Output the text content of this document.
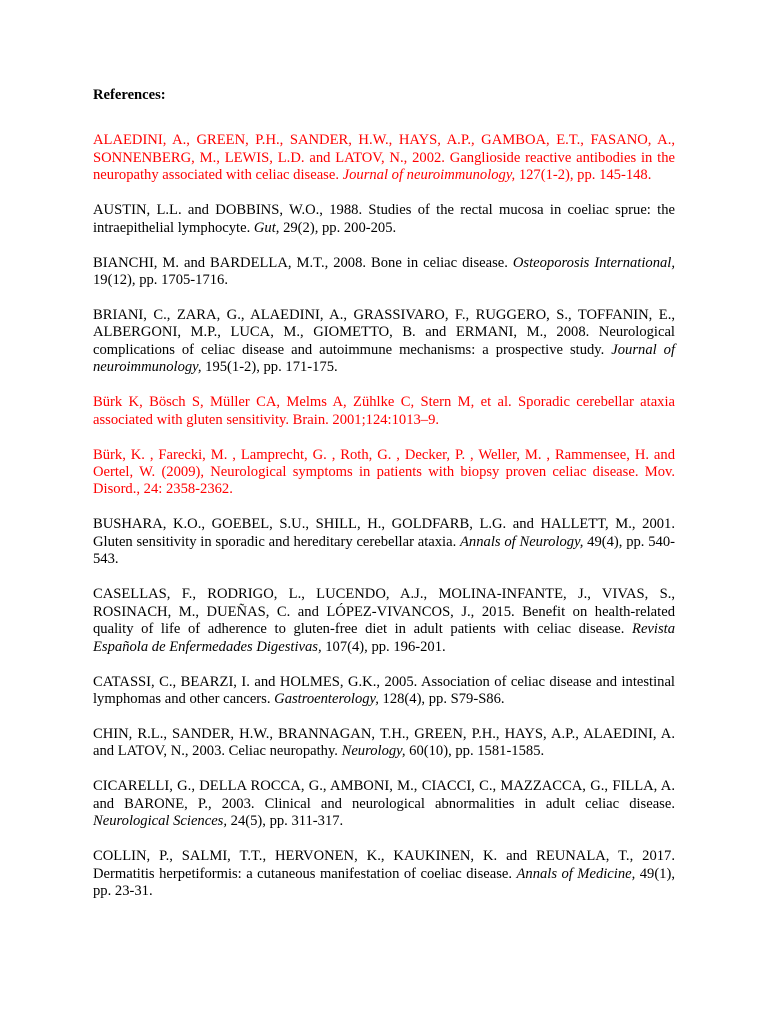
References:
ALAEDINI, A., GREEN, P.H., SANDER, H.W., HAYS, A.P., GAMBOA, E.T., FASANO, A., SONNENBERG, M., LEWIS, L.D. and LATOV, N., 2002. Ganglioside reactive antibodies in the neuropathy associated with celiac disease. Journal of neuroimmunology, 127(1-2), pp. 145-148.
AUSTIN, L.L. and DOBBINS, W.O., 1988. Studies of the rectal mucosa in coeliac sprue: the intraepithelial lymphocyte. Gut, 29(2), pp. 200-205.
BIANCHI, M. and BARDELLA, M.T., 2008. Bone in celiac disease. Osteoporosis International, 19(12), pp. 1705-1716.
BRIANI, C., ZARA, G., ALAEDINI, A., GRASSIVARO, F., RUGGERO, S., TOFFANIN, E., ALBERGONI, M.P., LUCA, M., GIOMETTO, B. and ERMANI, M., 2008. Neurological complications of celiac disease and autoimmune mechanisms: a prospective study. Journal of neuroimmunology, 195(1-2), pp. 171-175.
Bürk K, Bösch S, Müller CA, Melms A, Zühlke C, Stern M, et al. Sporadic cerebellar ataxia associated with gluten sensitivity. Brain. 2001;124:1013–9.
Bürk, K. , Farecki, M. , Lamprecht, G. , Roth, G. , Decker, P. , Weller, M. , Rammensee, H. and Oertel, W. (2009), Neurological symptoms in patients with biopsy proven celiac disease. Mov. Disord., 24: 2358-2362.
BUSHARA, K.O., GOEBEL, S.U., SHILL, H., GOLDFARB, L.G. and HALLETT, M., 2001. Gluten sensitivity in sporadic and hereditary cerebellar ataxia. Annals of Neurology, 49(4), pp. 540-543.
CASELLAS, F., RODRIGO, L., LUCENDO, A.J., MOLINA-INFANTE, J., VIVAS, S., ROSINACH, M., DUEÑAS, C. and LÓPEZ-VIVANCOS, J., 2015. Benefit on health-related quality of life of adherence to gluten-free diet in adult patients with celiac disease. Revista Española de Enfermedades Digestivas, 107(4), pp. 196-201.
CATASSI, C., BEARZI, I. and HOLMES, G.K., 2005. Association of celiac disease and intestinal lymphomas and other cancers. Gastroenterology, 128(4), pp. S79-S86.
CHIN, R.L., SANDER, H.W., BRANNAGAN, T.H., GREEN, P.H., HAYS, A.P., ALAEDINI, A. and LATOV, N., 2003. Celiac neuropathy. Neurology, 60(10), pp. 1581-1585.
CICARELLI, G., DELLA ROCCA, G., AMBONI, M., CIACCI, C., MAZZACCA, G., FILLA, A. and BARONE, P., 2003. Clinical and neurological abnormalities in adult celiac disease. Neurological Sciences, 24(5), pp. 311-317.
COLLIN, P., SALMI, T.T., HERVONEN, K., KAUKINEN, K. and REUNALA, T., 2017. Dermatitis herpetiformis: a cutaneous manifestation of coeliac disease. Annals of Medicine, 49(1), pp. 23-31.
